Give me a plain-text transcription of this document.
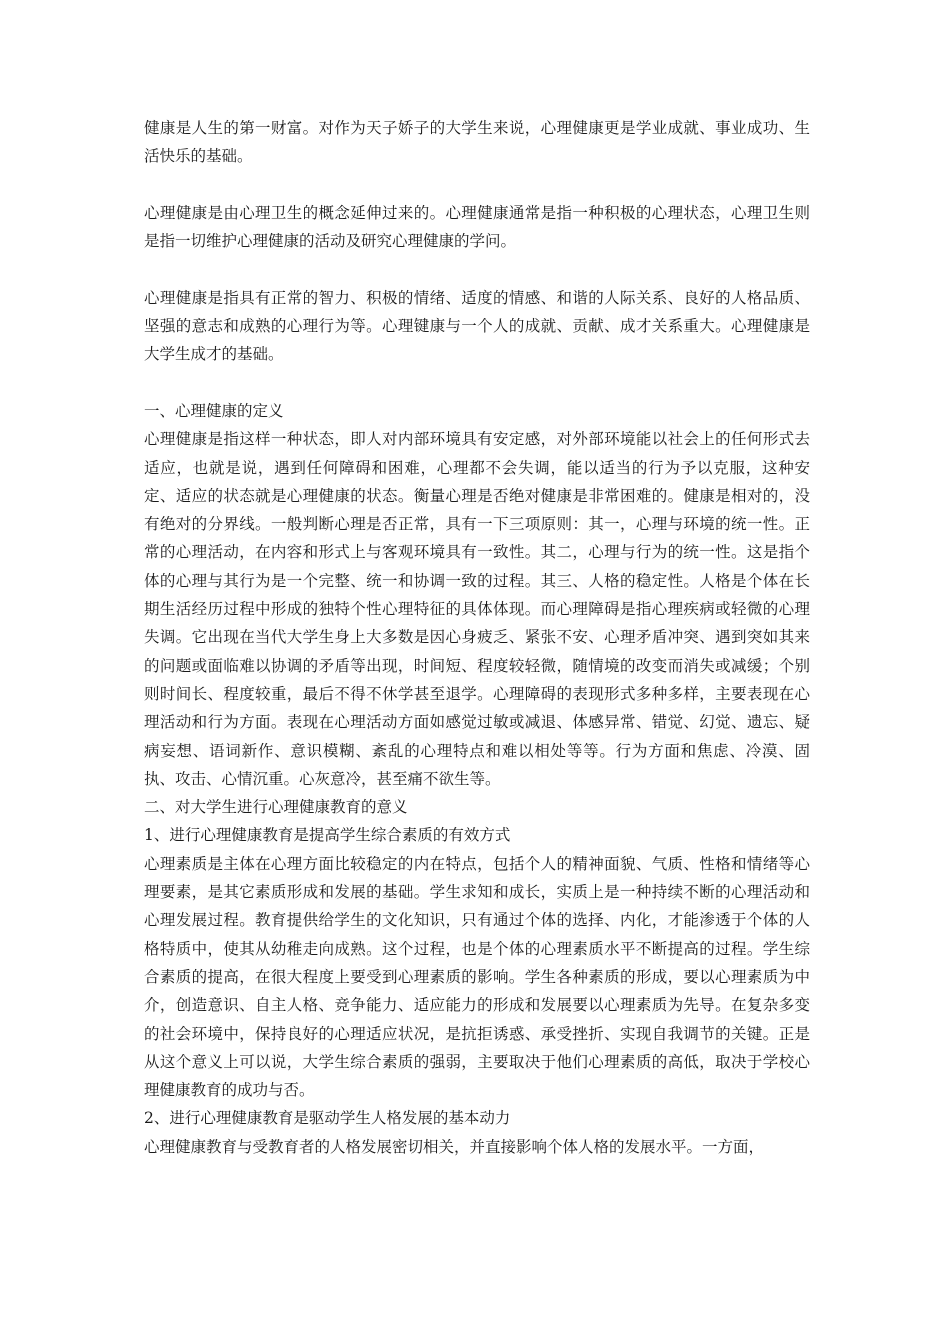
健康是人生的第一财富。对作为天子娇子的大学生来说，心理健康更是学业成就、事业成功、生活快乐的基础。

心理健康是由心理卫生的概念延伸过来的。心理健康通常是指一种积极的心理状态，心理卫生则是指一切维护心理健康的活动及研究心理健康的学问。

心理健康是指具有正常的智力、积极的情绪、适度的情感、和谐的人际关系、良好的人格品质、坚强的意志和成熟的心理行为等。心理键康与一个人的成就、贡献、成才关系重大。心理健康是大学生成才的基础。

一、心理健康的定义

心理健康是指这样一种状态，即人对内部环境具有安定感，对外部环境能以社会上的任何形式去适应，也就是说，遇到任何障碍和困难，心理都不会失调，能以适当的行为予以克服，这种安定、适应的状态就是心理健康的状态。衡量心理是否绝对健康是非常困难的。健康是相对的，没有绝对的分界线。一般判断心理是否正常，具有一下三项原则：其一，心理与环境的统一性。正常的心理活动，在内容和形式上与客观环境具有一致性。其二，心理与行为的统一性。这是指个体的心理与其行为是一个完整、统一和协调一致的过程。其三、人格的稳定性。人格是个体在长期生活经历过程中形成的独特个性心理特征的具体体现。而心理障碍是指心理疾病或轻微的心理失调。它出现在当代大学生身上大多数是因心身疲乏、紧张不安、心理矛盾冲突、遇到突如其来的问题或面临难以协调的矛盾等出现，时间短、程度较轻微，随情境的改变而消失或减缓；个别则时间长、程度较重，最后不得不休学甚至退学。心理障碍的表现形式多种多样，主要表现在心理活动和行为方面。表现在心理活动方面如感觉过敏或减退、体感异常、错觉、幻觉、遗忘、疑病妄想、语词新作、意识模糊、紊乱的心理特点和难以相处等等。行为方面和焦虑、冷漠、固执、攻击、心情沉重。心灰意冷，甚至痛不欲生等。

二、对大学生进行心理健康教育的意义

1、进行心理健康教育是提高学生综合素质的有效方式

心理素质是主体在心理方面比较稳定的内在特点，包括个人的精神面貌、气质、性格和情绪等心理要素，是其它素质形成和发展的基础。学生求知和成长，实质上是一种持续不断的心理活动和心理发展过程。教育提供给学生的文化知识，只有通过个体的选择、内化，才能渗透于个体的人格特质中，使其从幼稚走向成熟。这个过程，也是个体的心理素质水平不断提高的过程。学生综合素质的提高，在很大程度上要受到心理素质的影响。学生各种素质的形成，要以心理素质为中介，创造意识、自主人格、竞争能力、适应能力的形成和发展要以心理素质为先导。在复杂多变的社会环境中，保持良好的心理适应状况，是抗拒诱惑、承受挫折、实现自我调节的关键。正是从这个意义上可以说，大学生综合素质的强弱，主要取决于他们心理素质的高低，取决于学校心理健康教育的成功与否。

2、进行心理健康教育是驱动学生人格发展的基本动力

心理健康教育与受教育者的人格发展密切相关，并直接影响个体人格的发展水平。一方面，
